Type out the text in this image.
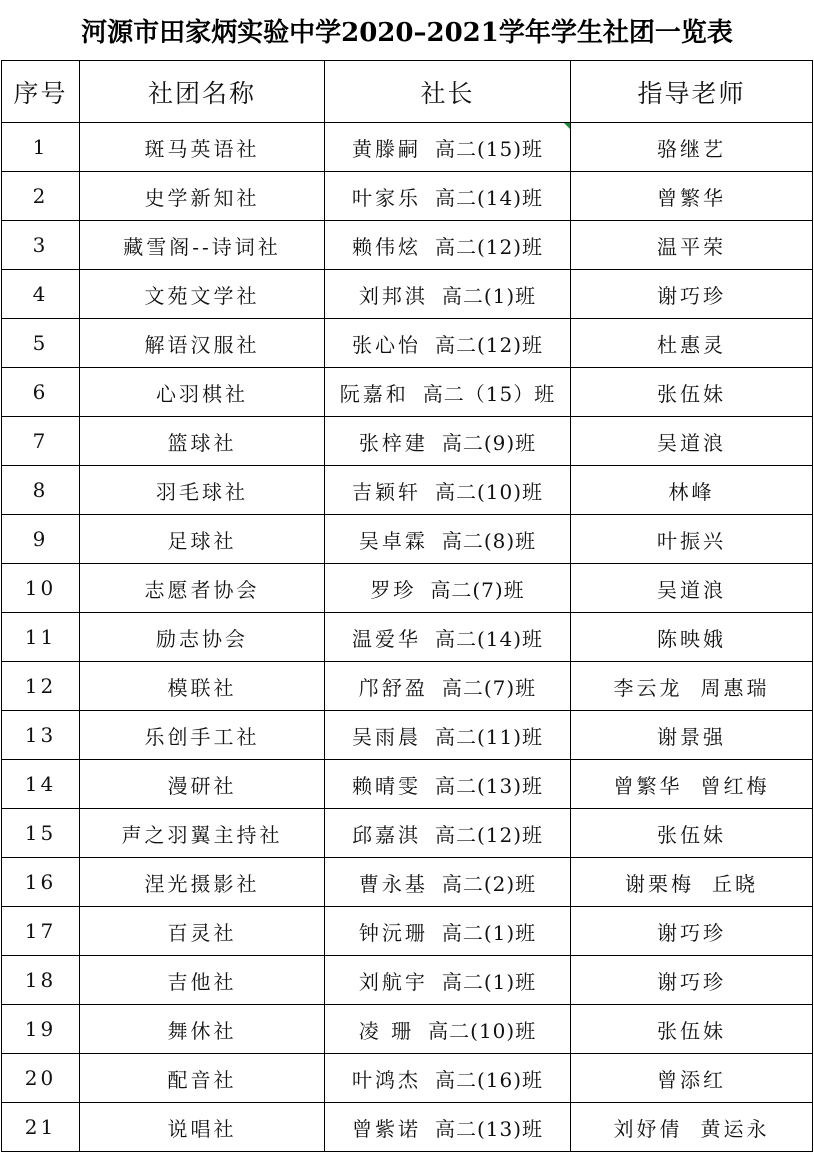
河源市田家炳实验中学2020–2021学年学生社团一览表
序号	社团名称	社长	指导老师
1	斑马英语社	黄滕嗣 高二(15)班	骆继艺
2	史学新知社	叶家乐 高二(14)班	曾繁华
3	藏雪阁--诗词社	赖伟炫 高二(12)班	温平荣
4	文苑文学社	刘邦淇 高二(1)班	谢巧珍
5	解语汉服社	张心怡 高二(12)班	杜惠灵
6	心羽棋社	阮嘉和 高二（15）班	张伍妹
7	篮球社	张梓建 高二(9)班	吴道浪
8	羽毛球社	吉颖轩 高二(10)班	林峰
9	足球社	吴卓霖 高二(8)班	叶振兴
10	志愿者协会	罗珍 高二(7)班	吴道浪
11	励志协会	温爱华 高二(14)班	陈映娥
12	模联社	邝舒盈 高二(7)班	李云龙 周惠瑞
13	乐创手工社	吴雨晨 高二(11)班	谢景强
14	漫研社	赖晴雯 高二(13)班	曾繁华 曾红梅
15	声之羽翼主持社	邱嘉淇 高二(12)班	张伍妹
16	涅光摄影社	曹永基 高二(2)班	谢栗梅 丘晓
17	百灵社	钟沅珊 高二(1)班	谢巧珍
18	吉他社	刘航宇 高二(1)班	谢巧珍
19	舞休社	凌 珊 高二(10)班	张伍妹
20	配音社	叶鸿杰 高二(16)班	曾添红
21	说唱社	曾紫诺 高二(13)班	刘妤倩 黄运永
